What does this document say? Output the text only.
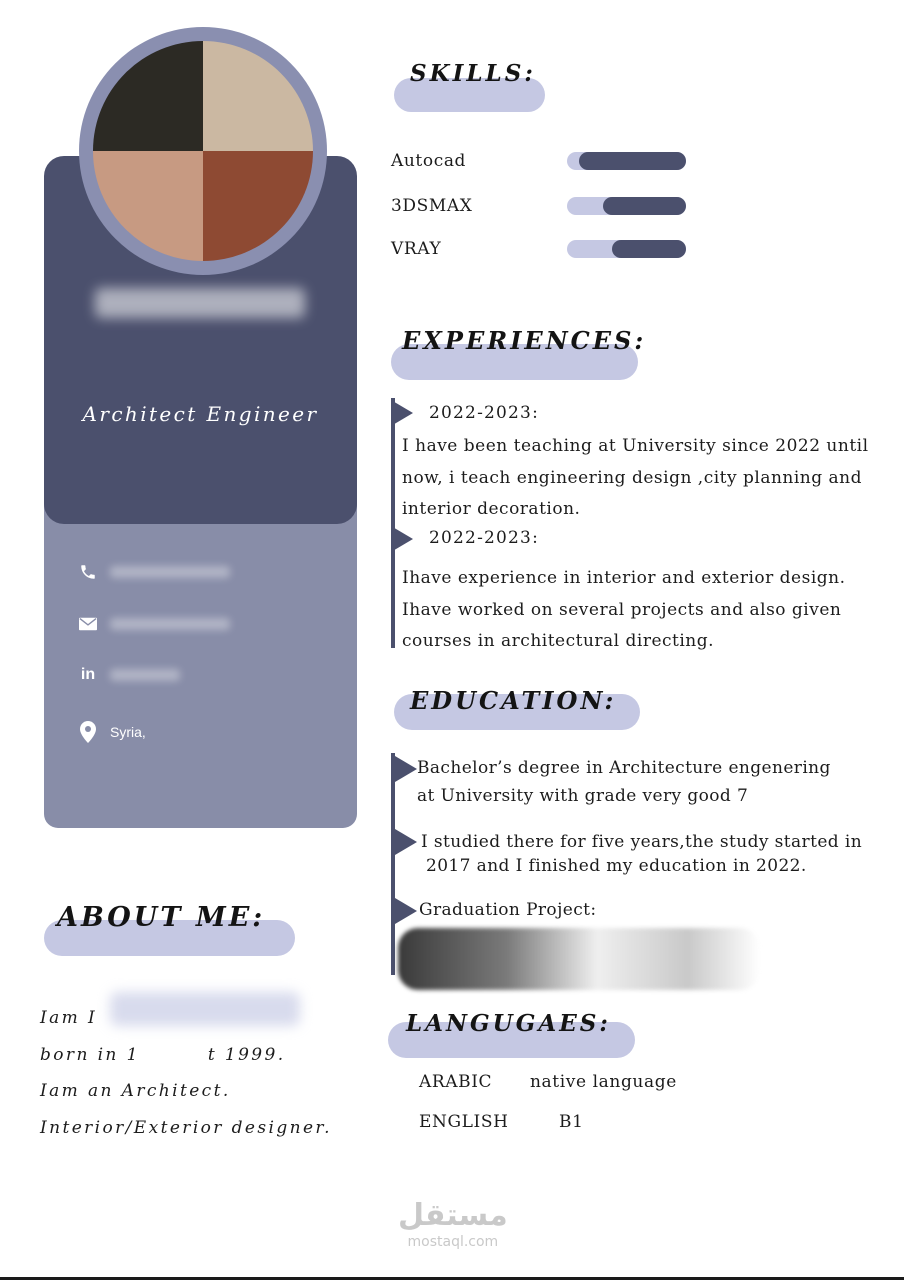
Architect Engineer
in
Syria,
ABOUT ME:

Iam I

born in 1	t 1999.

Iam an Architect.

Interior/Exterior designer.

SKILLS:
Autocad
3DSMAX
VRAY
EXPERIENCES:
2022-2023:
I have been teaching at University since 2022 until now, i teach engineering design ,city planning and interior decoration.
2022-2023:
Ihave experience in interior and exterior design. Ihave worked on several projects and also given courses in architectural directing.
EDUCATION:
Bachelor’s degree in Architecture engenering
at University with grade very good 7
I studied there for five years,the study started in
2017 and I finished my education in 2022.
Graduation Project:
LANGUGAES:
ARABIC	native language
ENGLISH	B1
مستقل
mostaql.com
